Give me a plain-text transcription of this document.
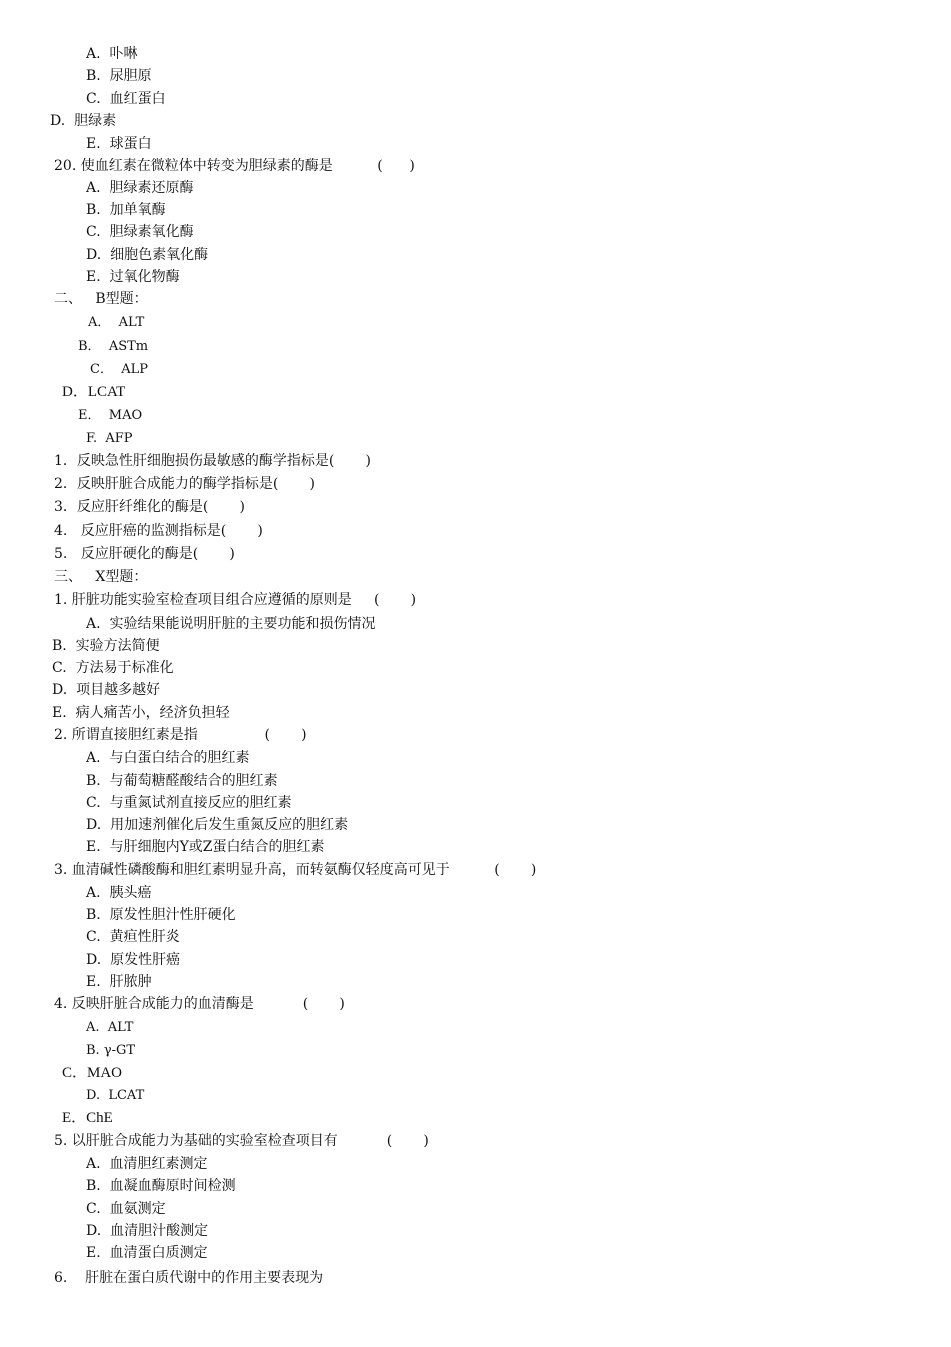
A.  卟啉
B.  尿胆原
C.  血红蛋白
D.  胆绿素
E.  球蛋白
20. 使血红素在微粒体中转变为胆绿素的酶是          (      )
A.  胆绿素还原酶
B.  加单氧酶
C.  胆绿素氧化酶
D.  细胞色素氧化酶
E.  过氧化物酶
二、   B型题：
A．  ALT
B．  ASTm
C．  ALP
D．LCAT
E．  MAO
F.  AFP
1．反映急性肝细胞损伤最敏感的酶学指标是(       )
2．反映肝脏合成能力的酶学指标是(       )
3．反应肝纤维化的酶是(       )
4.   反应肝癌的监测指标是(       )
5.   反应肝硬化的酶是(       )
三、   X型题：
1. 肝脏功能实验室检查项目组合应遵循的原则是     (       )
A.  实验结果能说明肝脏的主要功能和损伤情况
B.  实验方法简便
C.  方法易于标准化
D.  项目越多越好
E.  病人痛苦小，经济负担轻
2. 所谓直接胆红素是指               (       )
A.  与白蛋白结合的胆红素
B.  与葡萄糖醛酸结合的胆红素
C.  与重氮试剂直接反应的胆红素
D.  用加速剂催化后发生重氮反应的胆红素
E.  与肝细胞内Y或Z蛋白结合的胆红素
3. 血清碱性磷酸酶和胆红素明显升高，而转氨酶仅轻度高可见于          (       )
A.  胰头癌
B.  原发性胆汁性肝硬化
C.  黄疸性肝炎
D.  原发性肝癌
E.  肝脓肿
4. 反映肝脏合成能力的血清酶是           (       )
A.  ALT
B. γ-GT
C．MAO
D.  LCAT
E．ChE
5. 以肝脏合成能力为基础的实验室检查项目有           (       )
A.  血清胆红素测定
B.  血凝血酶原时间检测
C.  血氨测定
D.  血清胆汁酸测定
E.  血清蛋白质测定
6.    肝脏在蛋白质代谢中的作用主要表现为
